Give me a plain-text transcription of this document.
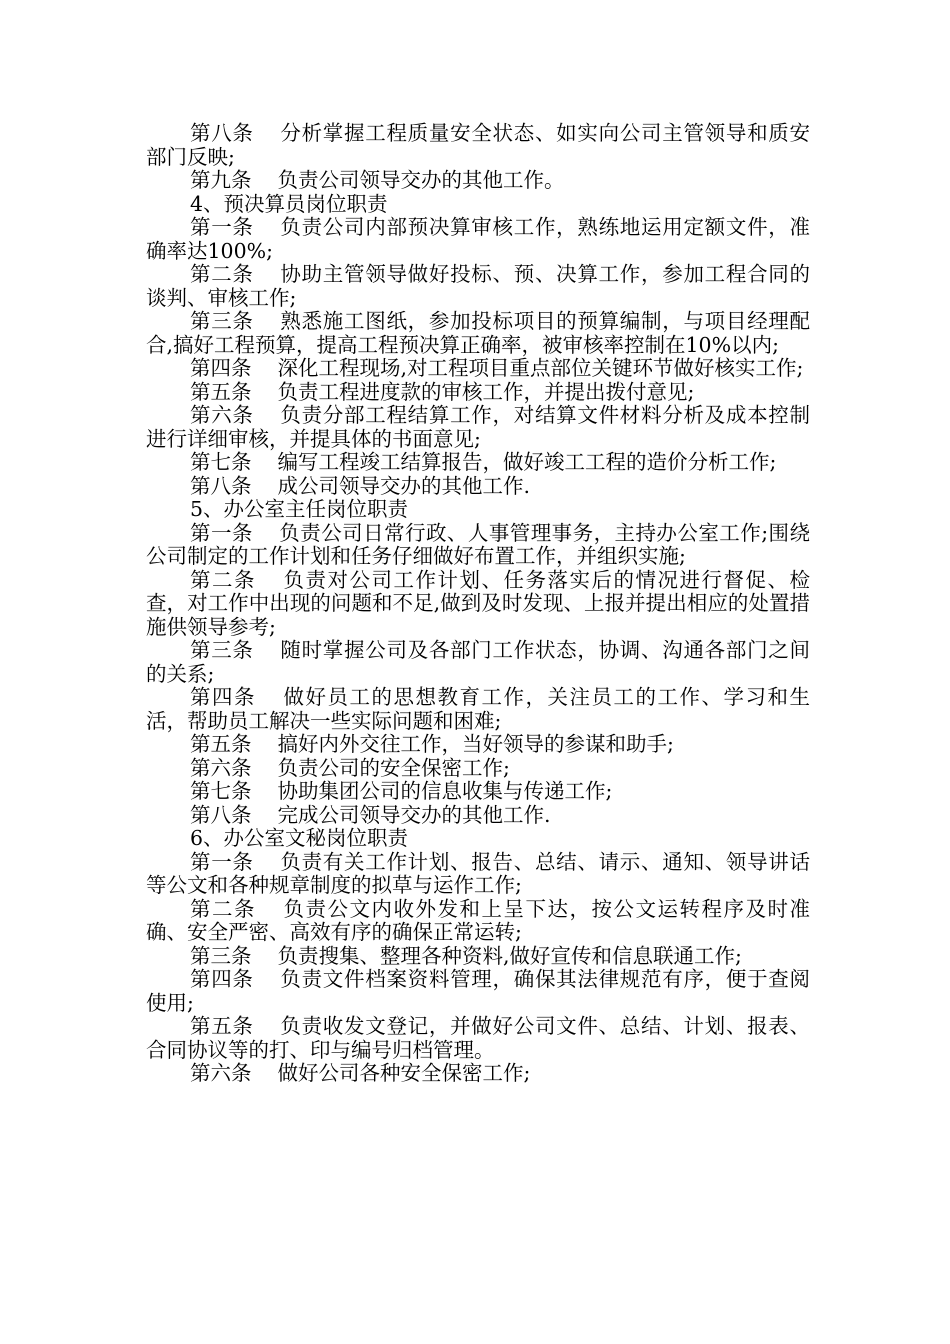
第八条 分析掌握工程质量安全状态、如实向公司主管领导和质安部门反映;

第九条 负责公司领导交办的其他工作。

4、预决算员岗位职责

第一条 负责公司内部预决算审核工作，熟练地运用定额文件，准确率达100%;

第二条 协助主管领导做好投标、预、决算工作，参加工程合同的谈判、审核工作;

第三条 熟悉施工图纸，参加投标项目的预算编制，与项目经理配合,搞好工程预算，提高工程预决算正确率，被审核率控制在10%以内;

第四条 深化工程现场,对工程项目重点部位关键环节做好核实工作;

第五条 负责工程进度款的审核工作，并提出拨付意见;

第六条 负责分部工程结算工作，对结算文件材料分析及成本控制进行详细审核，并提具体的书面意见;

第七条 编写工程竣工结算报告，做好竣工工程的造价分析工作;

第八条 成公司领导交办的其他工作.

5、办公室主任岗位职责

第一条 负责公司日常行政、人事管理事务，主持办公室工作;围绕公司制定的工作计划和任务仔细做好布置工作，并组织实施;

第二条 负责对公司工作计划、任务落实后的情况进行督促、检查，对工作中出现的问题和不足,做到及时发现、上报并提出相应的处置措施供领导参考;

第三条 随时掌握公司及各部门工作状态，协调、沟通各部门之间的关系;

第四条 做好员工的思想教育工作，关注员工的工作、学习和生活，帮助员工解决一些实际问题和困难;

第五条 搞好内外交往工作，当好领导的参谋和助手;

第六条 负责公司的安全保密工作;

第七条 协助集团公司的信息收集与传递工作;

第八条 完成公司领导交办的其他工作.

6、办公室文秘岗位职责

第一条 负责有关工作计划、报告、总结、请示、通知、领导讲话等公文和各种规章制度的拟草与运作工作;

第二条 负责公文内收外发和上呈下达，按公文运转程序及时准确、安全严密、高效有序的确保正常运转;

第三条 负责搜集、整理各种资料,做好宣传和信息联通工作;

第四条 负责文件档案资料管理，确保其法律规范有序，便于查阅使用;

第五条 负责收发文登记，并做好公司文件、总结、计划、报表、合同协议等的打、印与编号归档管理。

第六条 做好公司各种安全保密工作;
